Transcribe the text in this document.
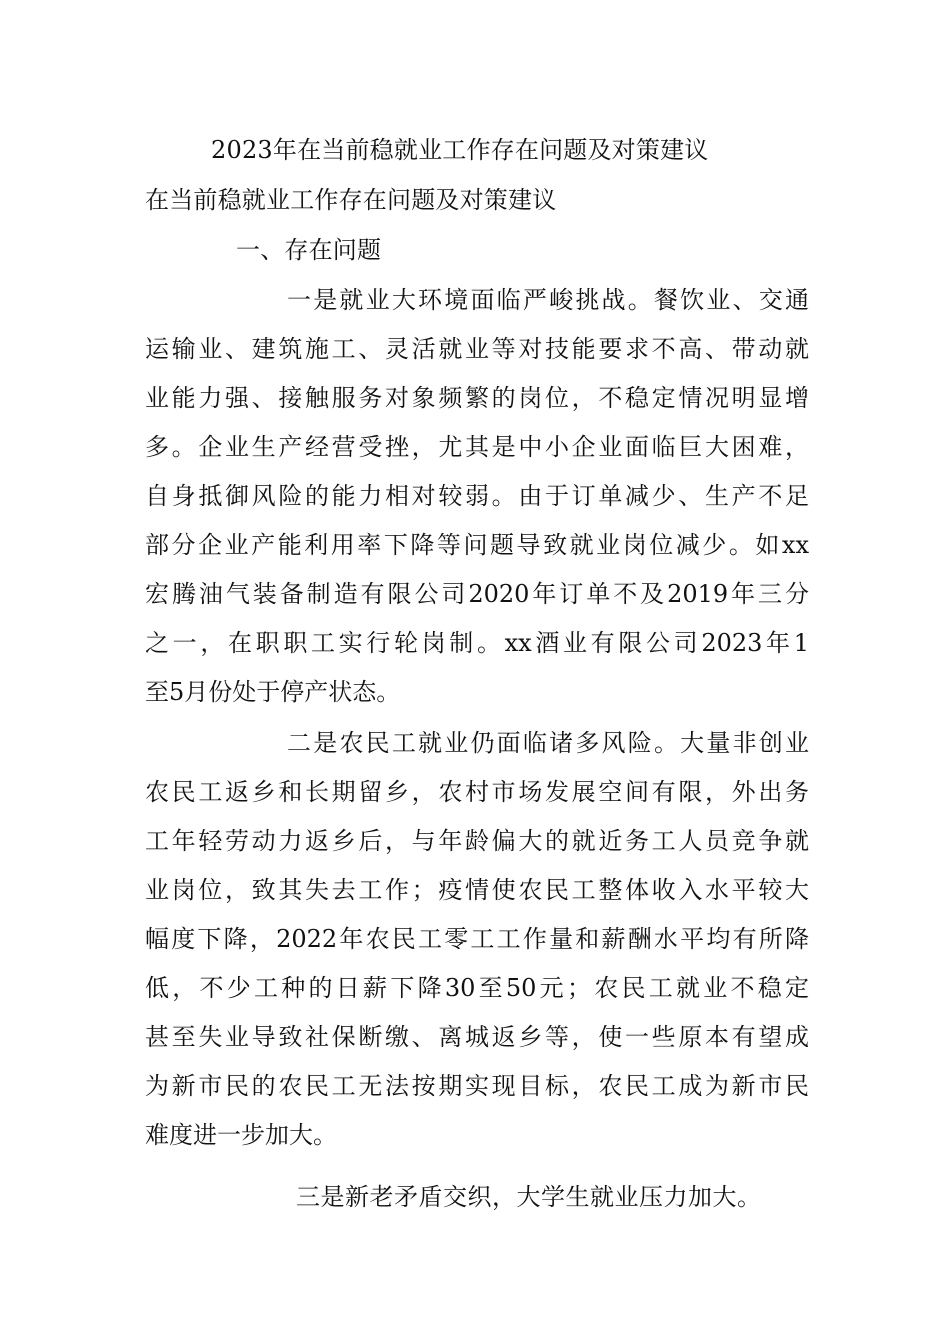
2023年在当前稳就业工作存在问题及对策建议
在当前稳就业工作存在问题及对策建议
一、存在问题
一是就业大环境面临严峻挑战。餐饮业、交通
运输业、建筑施工、灵活就业等对技能要求不高、带动就
业能力强、接触服务对象频繁的岗位，不稳定情况明显增
多。企业生产经营受挫，尤其是中小企业面临巨大困难，
自身抵御风险的能力相对较弱。由于订单减少、生产不足
部分企业产能利用率下降等问题导致就业岗位减少。如xx
宏腾油气装备制造有限公司2020年订单不及2019年三分
之一，在职职工实行轮岗制。xx酒业有限公司2023年1
至5月份处于停产状态。
二是农民工就业仍面临诸多风险。大量非创业
农民工返乡和长期留乡，农村市场发展空间有限，外出务
工年轻劳动力返乡后，与年龄偏大的就近务工人员竞争就
业岗位，致其失去工作；疫情使农民工整体收入水平较大
幅度下降，2022年农民工零工工作量和薪酬水平均有所降
低，不少工种的日薪下降30至50元；农民工就业不稳定
甚至失业导致社保断缴、离城返乡等，使一些原本有望成
为新市民的农民工无法按期实现目标，农民工成为新市民
难度进一步加大。
三是新老矛盾交织，大学生就业压力加大。
